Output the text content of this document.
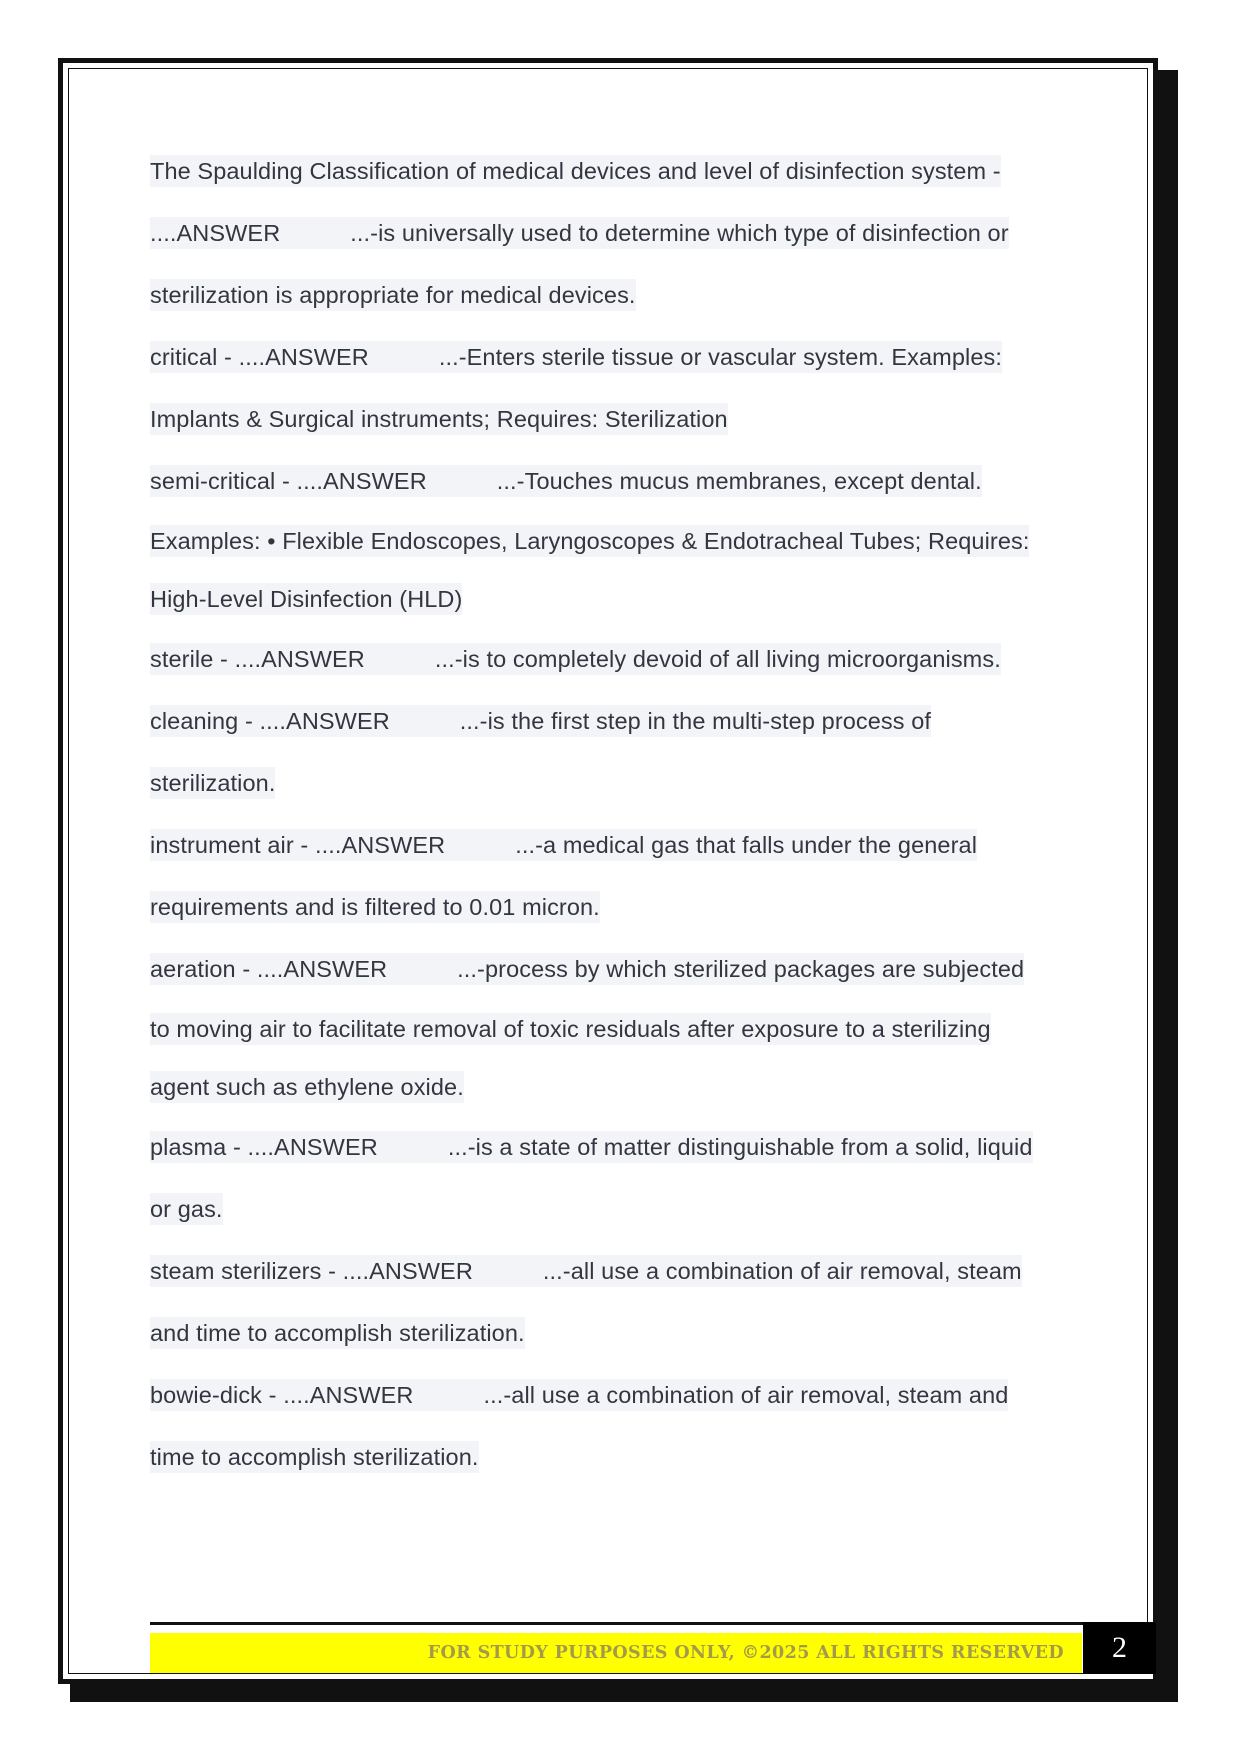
The Spaulding Classification of medical devices and level of disinfection system -
....ANSWER	...-is universally used to determine which type of disinfection or
sterilization is appropriate for medical devices.
critical - ....ANSWER	...-Enters sterile tissue or vascular system. Examples:
Implants & Surgical instruments; Requires: Sterilization
semi-critical - ....ANSWER	...-Touches mucus membranes, except dental.
Examples: • Flexible Endoscopes, Laryngoscopes & Endotracheal Tubes; Requires:
High-Level Disinfection (HLD)
sterile - ....ANSWER	...-is to completely devoid of all living microorganisms.
cleaning - ....ANSWER	...-is the first step in the multi-step process of
sterilization.
instrument air - ....ANSWER	...-a medical gas that falls under the general
requirements and is filtered to 0.01 micron.
aeration - ....ANSWER	...-process by which sterilized packages are subjected
to moving air to facilitate removal of toxic residuals after exposure to a sterilizing
agent such as ethylene oxide.
plasma - ....ANSWER	...-is a state of matter distinguishable from a solid, liquid
or gas.
steam sterilizers - ....ANSWER	...-all use a combination of air removal, steam
and time to accomplish sterilization.
bowie-dick - ....ANSWER	...-all use a combination of air removal, steam and
time to accomplish sterilization.
FOR STUDY PURPOSES ONLY, ©2025 ALL RIGHTS RESERVED	2
